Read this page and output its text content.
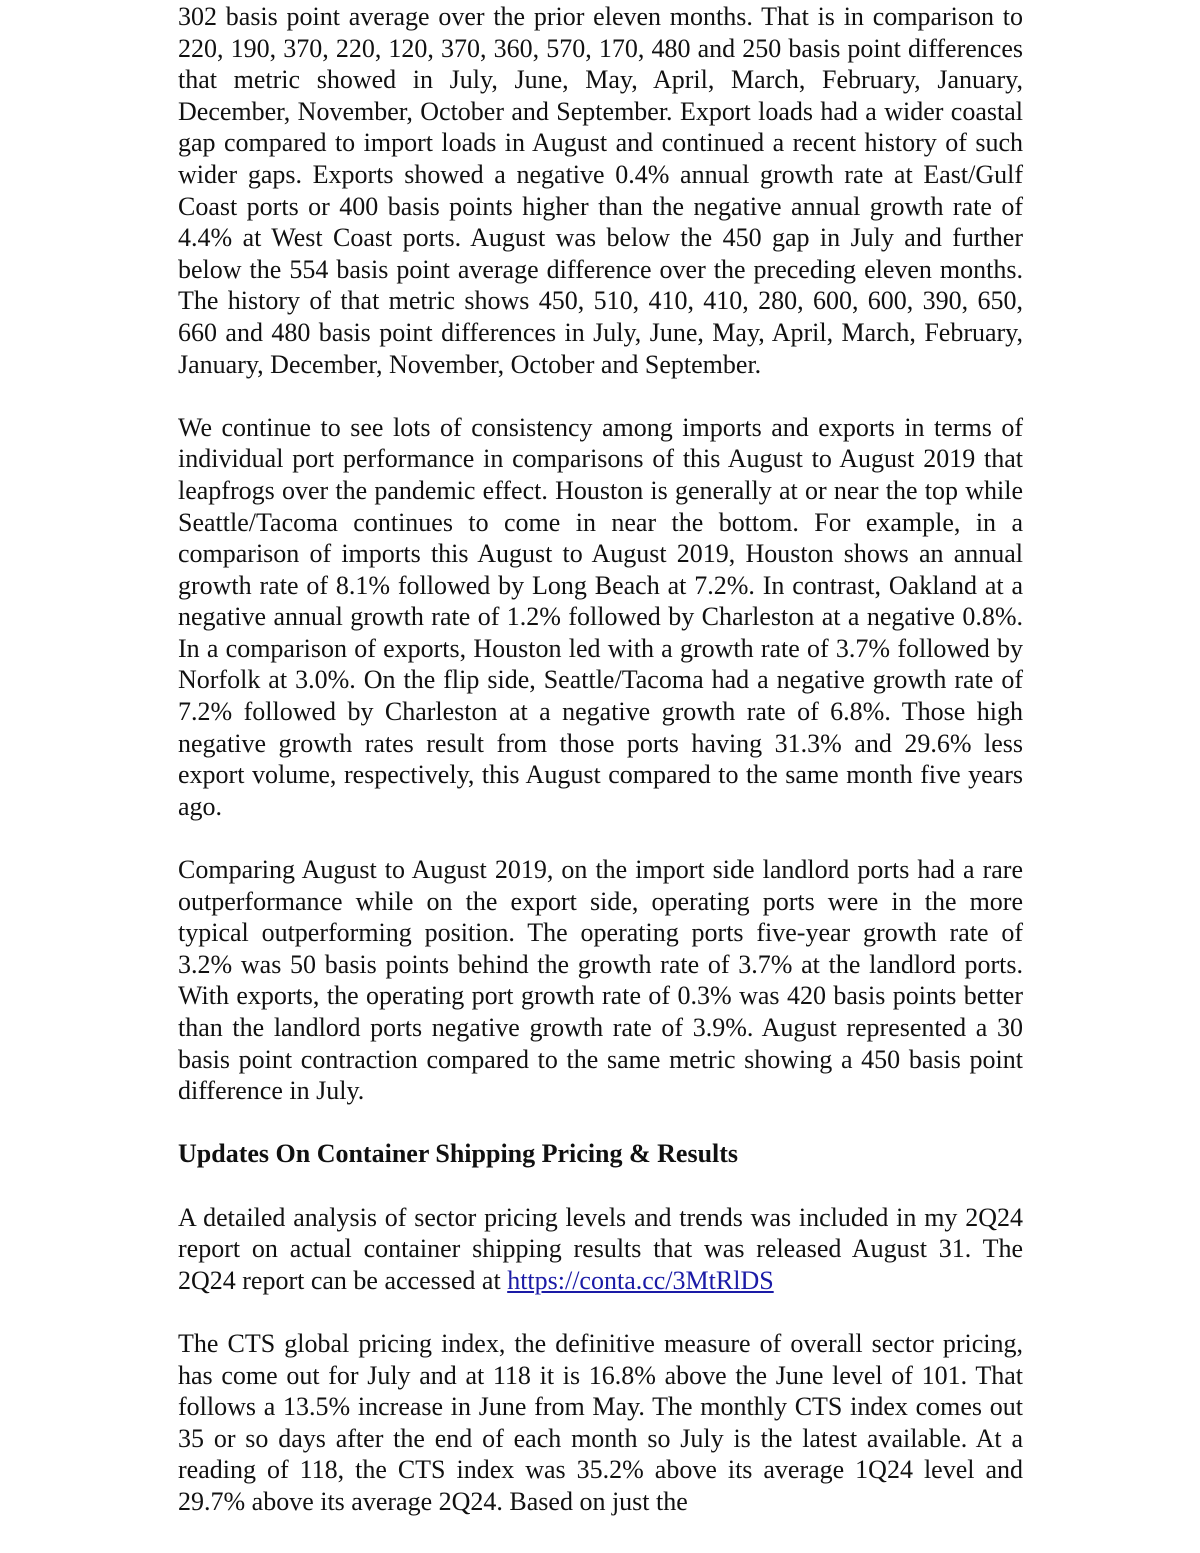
302 basis point average over the prior eleven months. That is in comparison to 220, 190, 370, 220, 120, 370, 360, 570, 170, 480 and 250 basis point differences that metric showed in July, June, May, April, March, February, January, December, November, October and September. Export loads had a wider coastal gap compared to import loads in August and continued a recent history of such wider gaps. Exports showed a negative 0.4% annual growth rate at East/Gulf Coast ports or 400 basis points higher than the negative annual growth rate of 4.4% at West Coast ports. August was below the 450 gap in July and further below the 554 basis point average difference over the preceding eleven months. The history of that metric shows 450, 510, 410, 410, 280, 600, 600, 390, 650, 660 and 480 basis point differences in July, June, May, April, March, February, January, December, November, October and September.

We continue to see lots of consistency among imports and exports in terms of individual port performance in comparisons of this August to August 2019 that leapfrogs over the pandemic effect. Houston is generally at or near the top while Seattle/Tacoma continues to come in near the bottom. For example, in a comparison of imports this August to August 2019, Houston shows an annual growth rate of 8.1% followed by Long Beach at 7.2%. In contrast, Oakland at a negative annual growth rate of 1.2% followed by Charleston at a negative 0.8%. In a comparison of exports, Houston led with a growth rate of 3.7% followed by Norfolk at 3.0%. On the flip side, Seattle/Tacoma had a negative growth rate of 7.2% followed by Charleston at a negative growth rate of 6.8%. Those high negative growth rates result from those ports having 31.3% and 29.6% less export volume, respectively, this August compared to the same month five years ago.

Comparing August to August 2019, on the import side landlord ports had a rare outperformance while on the export side, operating ports were in the more typical outperforming position. The operating ports five-year growth rate of 3.2% was 50 basis points behind the growth rate of 3.7% at the landlord ports. With exports, the operating port growth rate of 0.3% was 420 basis points better than the landlord ports negative growth rate of 3.9%. August represented a 30 basis point contraction compared to the same metric showing a 450 basis point difference in July.

Updates On Container Shipping Pricing & Results

A detailed analysis of sector pricing levels and trends was included in my 2Q24 report on actual container shipping results that was released August 31. The 2Q24 report can be accessed at https://conta.cc/3MtRlDS

The CTS global pricing index, the definitive measure of overall sector pricing, has come out for July and at 118 it is 16.8% above the June level of 101. That follows a 13.5% increase in June from May. The monthly CTS index comes out 35 or so days after the end of each month so July is the latest available. At a reading of 118, the CTS index was 35.2% above its average 1Q24 level and 29.7% above its average 2Q24. Based on just the
